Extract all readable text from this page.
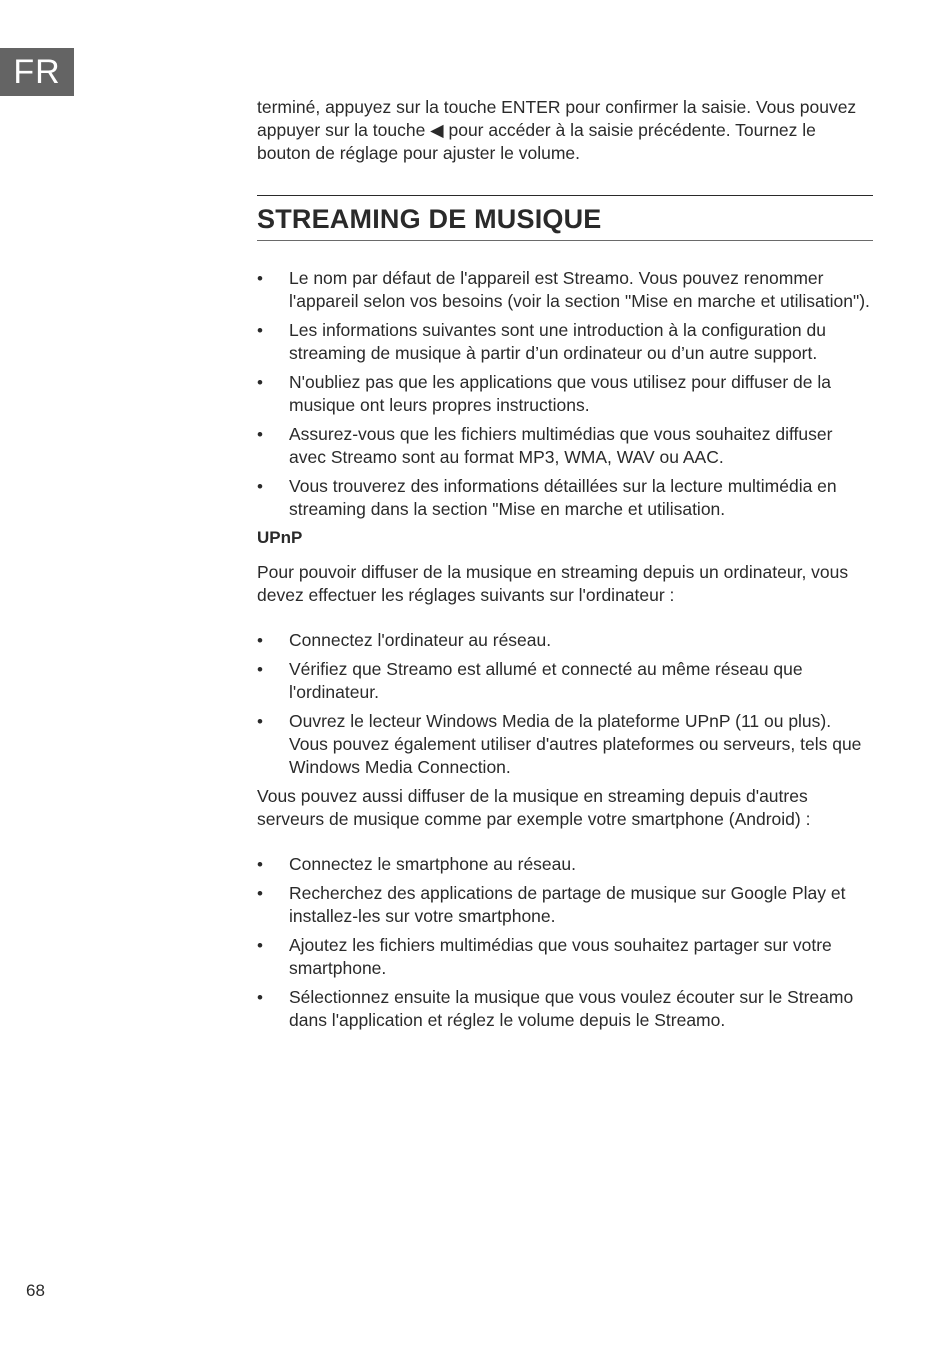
FR

terminé, appuyez sur la touche ENTER pour confirmer la saisie. Vous pouvez appuyer sur la touche ◀ pour accéder à la saisie précédente. Tournez le bouton de réglage pour ajuster le volume.

STREAMING DE MUSIQUE
• Le nom par défaut de l'appareil est Streamo. Vous pouvez renommer l'appareil selon vos besoins (voir la section "Mise en marche et utilisation").
• Les informations suivantes sont une introduction à la configuration du streaming de musique à partir d’un ordinateur ou d’un autre support.
• N'oubliez pas que les applications que vous utilisez pour diffuser de la musique ont leurs propres instructions.
• Assurez-vous que les fichiers multimédias que vous souhaitez diffuser avec Streamo sont au format MP3, WMA, WAV ou AAC.
• Vous trouverez des informations détaillées sur la lecture multimédia en streaming dans la section "Mise en marche et utilisation.
UPnP

Pour pouvoir diffuser de la musique en streaming depuis un ordinateur, vous devez effectuer les réglages suivants sur l'ordinateur :

• Connectez l'ordinateur au réseau.
• Vérifiez que Streamo est allumé et connecté au même réseau que l'ordinateur.
• Ouvrez le lecteur Windows Media de la plateforme UPnP (11 ou plus). Vous pouvez également utiliser d'autres plateformes ou serveurs, tels que Windows Media Connection.

Vous pouvez aussi diffuser de la musique en streaming depuis d'autres serveurs de musique comme par exemple votre smartphone (Android) :

• Connectez le smartphone au réseau.
• Recherchez des applications de partage de musique sur Google Play et installez-les sur votre smartphone.
• Ajoutez les fichiers multimédias que vous souhaitez partager sur votre smartphone.
• Sélectionnez ensuite la musique que vous voulez écouter sur le Streamo dans l'application et réglez le volume depuis le Streamo.
68
